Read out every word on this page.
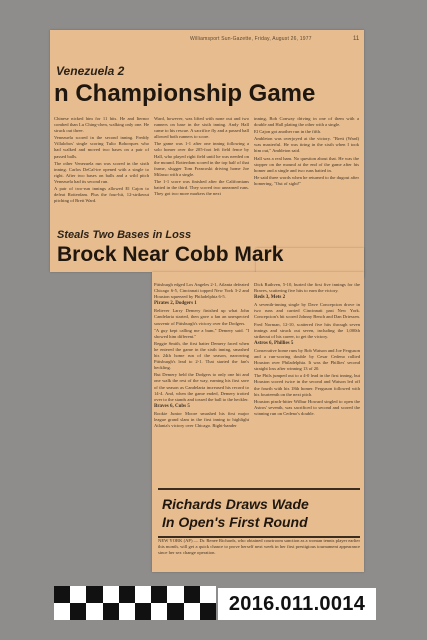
Williamsport Sun-Gazette, Friday, August 26, 1977	11
Venezuela 2
n Championship Game

Chinese nicked him for 11 hits. He and Iternor combed than Lu Ching-chen, walking only one. He struck out three.

Venezuela scored in the second inning. Freddy Villalobos' single scoring Tulio Bohorques who had walked and moved two bases on a pair of passed balls.

The other Venezuela run was scored in the sixth inning. Carlos DeCal-ire opened with a single to right. After two bases on balls and a wild pitch Venezuela had its second run.

A pair of two-run innings allowed El Cajon to defeat Rotterdam. Plus the four-hit, 12-strikeout pitching of Brett Ward.

Ward, however, was lifted with none out and two runners on base in the sixth inning. Andy Hall came to his rescue. A sacrifice fly and a passed ball allowed both runners to score.

The game was 1-1 after one inning following a solo homer over the 205-foot left field fence by Hall, who played right field until he was needed on the mound. Rotterdam scored in the top half of that frame, slugger Tom Francoski driving home Joe Milasso with a single.

The 1-1 score was finished after the Californians batted in the third. They scored two unearned runs. They got two more markers the next

inning, Bob Conway driving in one of them with a double and Hall plating the other with a single.

El Cajon got another run in the fifth.

Ambleton was overjoyed at the victory. "Brett (Ward) was masterful. He was tiring in the sixth when I took him out," Ambleton said.

Hall was a real ham. No question about that. He was the stopper on the mound at the end of the game after his homer and a single and two runs batted in.

He said three words when he returned to the dugout after homering, "Out of sight!"

Steals Two Bases in Loss
Brock Near Cobb Mark

Pittsburgh edged Los Angeles 2-1, Atlanta defeated Chicago 6-5, Cincinnati topped New York 3-2 and Houston squeezed by Philadelphia 6-5.

Pirates 2, Dodgers 1

Reliever Larry Demery finished up what John Candelaria started, then gave a fan an unexpected souvenir of Pittsburgh's victory over the Dodgers.

"A guy kept calling me a bum," Demery said. "I showed him different."

Reggie Smith, the first batter Demery faced when he entered the game in the sixth inning, smashed his 24th home run of the season, narrowing Pittsburgh's lead to 2-1. That started the fan's heckling.

But Demery held the Dodgers to only one hit and one walk the rest of the way, earning his first save of the season as Candelaria increased his record to 14-4. And, when the game ended, Demery trotted over to the stands and tossed the ball to the heckler.

Braves 6, Cubs 5

Rookie Junior Moore smashed his first major league grand slam in the first inning to highlight Atlanta's victory over Chicago. Right-hander

Dick Ruthven, 5-10, buried the first five innings for the Braves, scattering five hits to earn the victory.

Reds 3, Mets 2

A seventh-inning single by Dave Concepcion drove in two runs and carried Cincinnati past New York. Concepcion's hit scored Johnny Bench and Dan Driessen.

Fred Norman, 12-10, scattered five hits through seven innings and struck out seven, including the 1,000th strikeout of his career, to get the victory.

Astros 6, Phillies 5

Consecutive home runs by Bob Watson and Joe Ferguson and a run-scoring double by Cesar Cedeno rallied Houston over Philadelphia. It was the Phillies' second straight loss after winning 13 of 20.

The Phils jumped out to a 4-0 lead in the first inning, but Houston scored twice in the second and Watson led off the fourth with his 18th homer. Ferguson followed with his fourteenth on the next pitch.

Houston pinch-hitter Wilbur Howard singled to open the Astros' seventh, was sacrificed to second and scored the winning run on Cedeno's double.

Richards Draws Wade
In Open's First Round

NEW YORK (AP) — Dr. Renee Richards, who obtained courtroom sanction as a woman tennis player earlier this month, will get a quick chance to prove herself next week in her first prestigious tournament appearance since her sex change operation.

2016.011.0014
